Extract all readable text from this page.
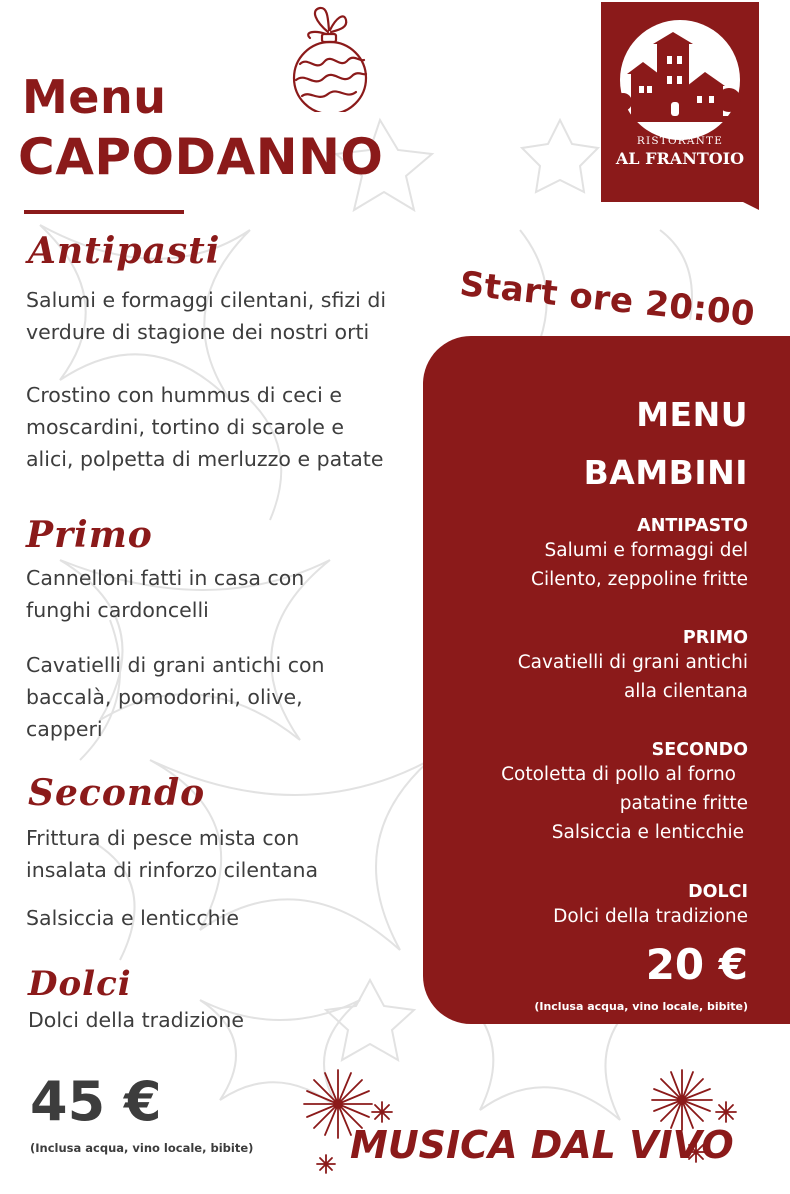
Menu
CAPODANNO	RISTORANTE
AL FRANTOIO
Start ore 20:00
Antipasti
Salumi e formaggi cilentani, sfizi di verdure di stagione dei nostri orti
Crostino con hummus di ceci e moscardini, tortino di scarole e alici, polpetta di merluzzo e patate
Primo
Cannelloni fatti in casa con funghi cardoncelli
Cavatielli di grani antichi con baccalà, pomodorini, olive, capperi
Secondo
Frittura di pesce mista con insalata di rinforzo cilentana
Salsiccia e lenticchie
Dolci
Dolci della tradizione
45 €
(Inclusa acqua, vino locale, bibite)
MENU
BAMBINI
ANTIPASTO
Salumi e formaggi del
Cilento, zeppoline fritte
PRIMO
Cavatielli di grani antichi
alla cilentana
SECONDO
Cotoletta di pollo al forno
patatine fritte
Salsiccia e lenticchie
DOLCI
Dolci della tradizione
20 €
(Inclusa acqua, vino locale, bibite)
MUSICA DAL VIVO
